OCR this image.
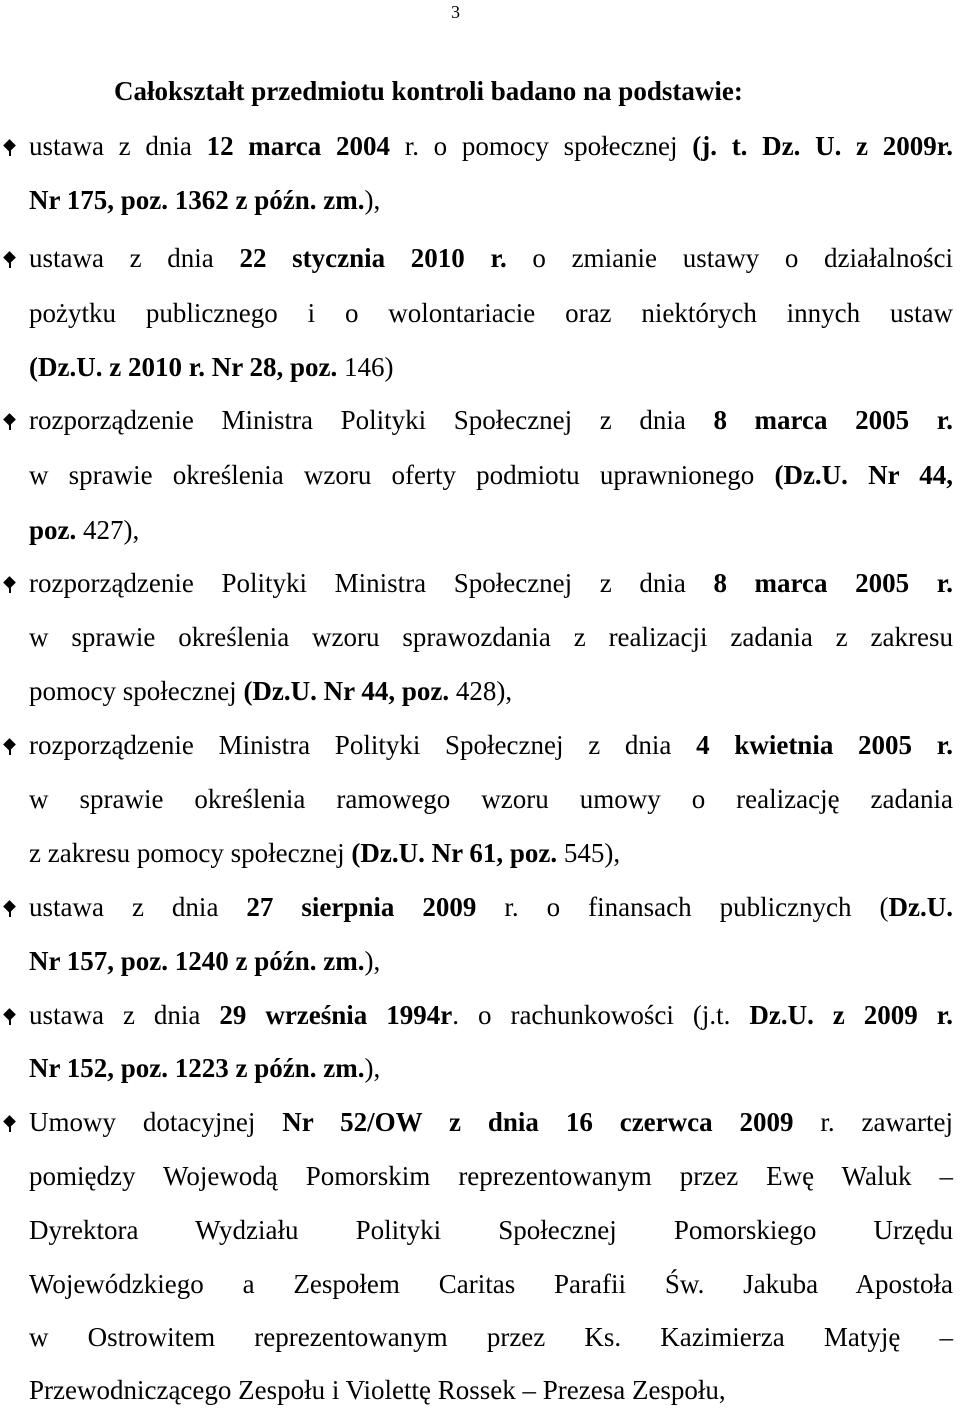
3
Całokształt przedmiotu kontroli badano na podstawie:
ustawa z dnia 12 marca 2004 r. o pomocy społecznej (j. t. Dz. U. z 2009r.
Nr 175, poz. 1362 z późn. zm.),
ustawa z dnia 22 stycznia 2010 r. o zmianie ustawy o działalności
pożytku publicznego i o wolontariacie oraz niektórych innych ustaw
(Dz.U. z 2010 r. Nr 28, poz. 146)
rozporządzenie Ministra Polityki Społecznej z dnia 8 marca 2005 r.
w sprawie określenia wzoru oferty podmiotu uprawnionego (Dz.U. Nr 44,
poz. 427),
rozporządzenie Polityki Ministra Społecznej z dnia 8 marca 2005 r.
w sprawie określenia wzoru sprawozdania z realizacji zadania z zakresu
pomocy społecznej (Dz.U. Nr 44, poz. 428),
rozporządzenie Ministra Polityki Społecznej z dnia 4 kwietnia 2005 r.
w sprawie określenia ramowego wzoru umowy o realizację zadania
z zakresu pomocy społecznej (Dz.U. Nr 61, poz. 545),
ustawa z dnia 27 sierpnia 2009 r. o finansach publicznych (Dz.U.
Nr 157, poz. 1240 z późn. zm.),
ustawa z dnia 29 września 1994r. o rachunkowości (j.t. Dz.U. z 2009 r.
Nr 152, poz. 1223 z późn. zm.),
Umowy dotacyjnej Nr 52/OW z dnia 16 czerwca 2009 r. zawartej
pomiędzy Wojewodą Pomorskim reprezentowanym przez Ewę Waluk –
Dyrektora Wydziału Polityki Społecznej Pomorskiego Urzędu
Wojewódzkiego a Zespołem Caritas Parafii Św. Jakuba Apostoła
w Ostrowitem reprezentowanym przez Ks. Kazimierza Matyję –
Przewodniczącego Zespołu i Violettę Rossek – Prezesa Zespołu,
